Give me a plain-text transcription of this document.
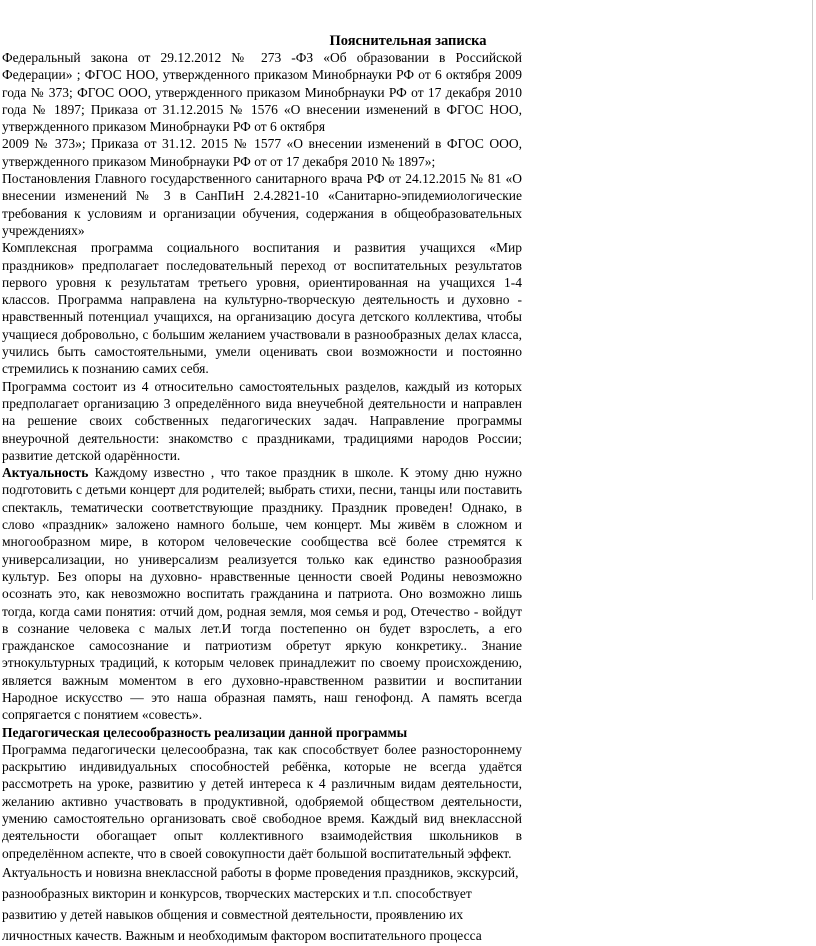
Пояснительная записка

Федеральный закона от 29.12.2012 № 273 -ФЗ «Об образовании в Российской Федерации» ; ФГОС НОО, утвержденного приказом Минобрнауки РФ от 6 октября 2009 года № 373; ФГОС ООО, утвержденного приказом Минобрнауки РФ от 17 декабря 2010 года № 1897; Приказа от 31.12.2015 № 1576 «О внесении изменений в ФГОС НОО, утвержденного приказом Минобрнауки РФ от 6 октября

2009 № 373»; Приказа от 31.12. 2015 № 1577 «О внесении изменений в ФГОС ООО, утвержденного приказом Минобрнауки РФ от от 17 декабря 2010 № 1897»;

Постановления Главного государственного санитарного врача РФ от 24.12.2015 № 81 «О внесении изменений № 3 в СанПиН 2.4.2821-10 «Санитарно-эпидемиологические требования к условиям и организации обучения, содержания в общеобразовательных учреждениях»

Комплексная программа социального воспитания и развития учащихся «Мир праздников» предполагает последовательный переход от воспитательных результатов первого уровня к результатам третьего уровня, ориентированная на учащихся 1-4 классов. Программа направлена на культурно-творческую деятельность и духовно - нравственный потенциал учащихся, на организацию досуга детского коллектива, чтобы учащиеся добровольно, с большим желанием участвовали в разнообразных делах класса, учились быть самостоятельными, умели оценивать свои возможности и постоянно стремились к познанию самих себя.

Программа состоит из 4 относительно самостоятельных разделов, каждый из которых предполагает организацию 3 определённого вида внеучебной деятельности и направлен на решение своих собственных педагогических задач. Направление программы внеурочной деятельности: знакомство с праздниками, традициями народов России; развитие детской одарённости.

Актуальность Каждому известно , что такое праздник в школе. К этому дню нужно подготовить с детьми концерт для родителей; выбрать стихи, песни, танцы или поставить спектакль, тематически соответствующие празднику. Праздник проведен! Однако, в слово «праздник» заложено намного больше, чем концерт. Мы живём в сложном и многообразном мире, в котором человеческие сообщества всё более стремятся к универсализации, но универсализм реализуется только как единство разнообразия культур. Без опоры на духовно- нравственные ценности своей Родины невозможно осознать это, как невозможно воспитать гражданина и патриота. Оно возможно лишь тогда, когда сами понятия: отчий дом, родная земля, моя семья и род, Отечество - войдут в сознание человека с малых лет.И тогда постепенно он будет взрослеть, а его гражданское самосознание и патриотизм обретут яркую конкретику.. Знание этнокультурных традиций, к которым человек принадлежит по своему происхождению, является важным моментом в его духовно-нравственном развитии и воспитании Народное искусство — это наша образная память, наш генофонд. А память всегда сопрягается с понятием «совесть».

Педагогическая целесообразность реализации данной программы

Программа педагогически целесообразна, так как способствует более разностороннему раскрытию индивидуальных способностей ребёнка, которые не всегда удаётся рассмотреть на уроке, развитию у детей интереса к 4 различным видам деятельности, желанию активно участвовать в продуктивной, одобряемой обществом деятельности, умению самостоятельно организовать своё свободное время. Каждый вид внеклассной деятельности обогащает опыт коллективного взаимодействия школьников в определённом аспекте, что в своей совокупности даёт большой воспитательный эффект.

Актуальность и новизна внеклассной работы в форме проведения праздников, экскурсий,
разнообразных викторин и конкурсов, творческих мастерских и т.п. способствует
развитию у детей навыков общения и совместной деятельности, проявлению их
личностных качеств. Важным и необходимым фактором воспитательного процесса
